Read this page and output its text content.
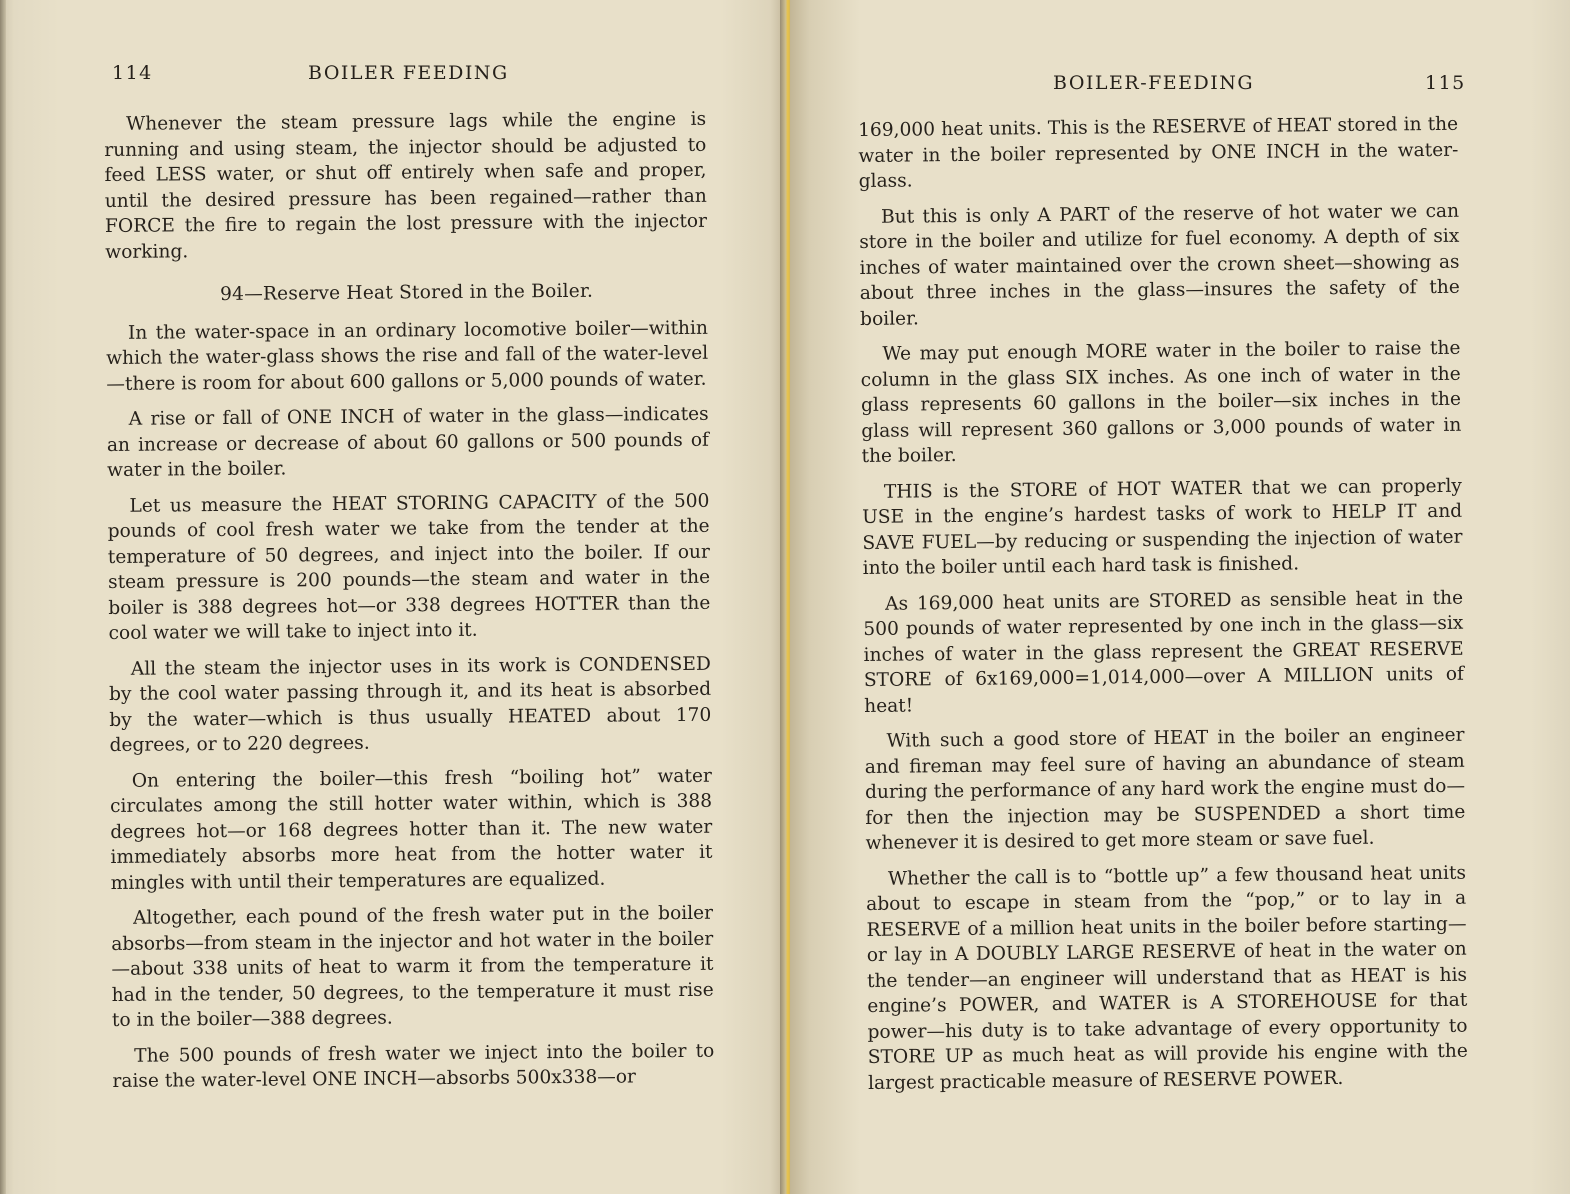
114	BOILER FEEDING

Whenever the steam pressure lags while the engine is running and using steam, the injector should be adjusted to feed LESS water, or shut off entirely when safe and proper, until the desired pressure has been regained—rather than FORCE the fire to regain the lost pressure with the injector working.

94—Reserve Heat Stored in the Boiler.

In the water-space in an ordinary locomotive boiler—within which the water-glass shows the rise and fall of the water-level—there is room for about 600 gallons or 5,000 pounds of water.

A rise or fall of ONE INCH of water in the glass—indicates an increase or decrease of about 60 gallons or 500 pounds of water in the boiler.

Let us measure the HEAT STORING CAPACITY of the 500 pounds of cool fresh water we take from the tender at the temperature of 50 degrees, and inject into the boiler. If our steam pressure is 200 pounds—the steam and water in the boiler is 388 degrees hot—or 338 degrees HOTTER than the cool water we will take to inject into it.

All the steam the injector uses in its work is CONDENSED by the cool water passing through it, and its heat is absorbed by the water—which is thus usually HEATED about 170 degrees, or to 220 degrees.

On entering the boiler—this fresh “boiling hot” water circulates among the still hotter water within, which is 388 degrees hot—or 168 degrees hotter than it. The new water immediately absorbs more heat from the hotter water it mingles with until their temperatures are equalized.

Altogether, each pound of the fresh water put in the boiler absorbs—from steam in the injector and hot water in the boiler—about 338 units of heat to warm it from the temperature it had in the tender, 50 degrees, to the temperature it must rise to in the boiler—388 degrees.

The 500 pounds of fresh water we inject into the boiler to raise the water-level ONE INCH—absorbs 500x338—or

BOILER-FEEDING	115

169,000 heat units. This is the RESERVE of HEAT stored in the water in the boiler represented by ONE INCH in the water-glass.

But this is only A PART of the reserve of hot water we can store in the boiler and utilize for fuel economy. A depth of six inches of water maintained over the crown sheet—showing as about three inches in the glass—insures the safety of the boiler.

We may put enough MORE water in the boiler to raise the column in the glass SIX inches. As one inch of water in the glass represents 60 gallons in the boiler—six inches in the glass will represent 360 gallons or 3,000 pounds of water in the boiler.

THIS is the STORE of HOT WATER that we can properly USE in the engine’s hardest tasks of work to HELP IT and SAVE FUEL—by reducing or suspending the injection of water into the boiler until each hard task is finished.

As 169,000 heat units are STORED as sensible heat in the 500 pounds of water represented by one inch in the glass—six inches of water in the glass represent the GREAT RESERVE STORE of 6x169,000=1,014,000—over A MILLION units of heat!

With such a good store of HEAT in the boiler an engineer and fireman may feel sure of having an abundance of steam during the performance of any hard work the engine must do—for then the injection may be SUSPENDED a short time whenever it is desired to get more steam or save fuel.

Whether the call is to “bottle up” a few thousand heat units about to escape in steam from the “pop,” or to lay in a RESERVE of a million heat units in the boiler before starting—or lay in A DOUBLY LARGE RESERVE of heat in the water on the tender—an engineer will understand that as HEAT is his engine’s POWER, and WATER is A STOREHOUSE for that power—his duty is to take advantage of every opportunity to STORE UP as much heat as will provide his engine with the largest practicable measure of RESERVE POWER.
